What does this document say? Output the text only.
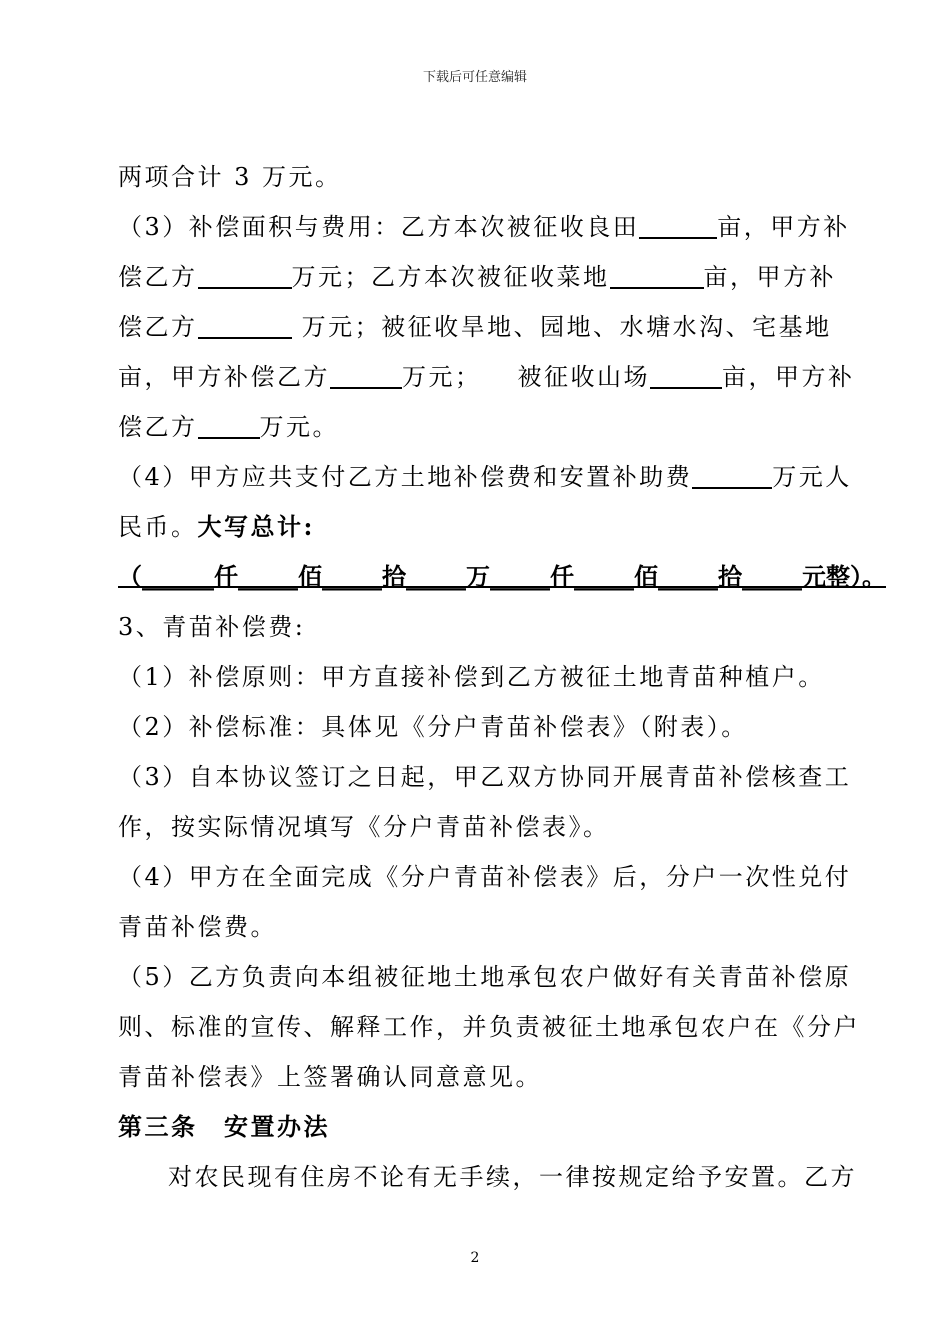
下载后可任意编辑
两项合计 3 万元。
（3）补偿面积与费用：乙方本次被征收良田	亩，甲方补
偿乙方	万元；乙方本次被征收菜地	亩，甲方补
偿乙方	万元；被征收旱地、园地、水塘水沟、宅基地
亩，甲方补偿乙方	万元； 被征收山场	亩，甲方补
偿乙方	万元。
（4）甲方应共支付乙方土地补偿费和安置补助费	万元人
民币。大写总计:
（______仟_____佰_____拾_____万_____仟_____佰_____拾_____元整）。
3、青苗补偿费:
（1）补偿原则：甲方直接补偿到乙方被征土地青苗种植户。
（2）补偿标准：具体见《分户青苗补偿表》（附表）。
（3）自本协议签订之日起，甲乙双方协同开展青苗补偿核查工
作，按实际情况填写《分户青苗补偿表》。
（4）甲方在全面完成《分户青苗补偿表》后，分户一次性兑付
青苗补偿费。
（5）乙方负责向本组被征地土地承包农户做好有关青苗补偿原
则、标准的宣传、解释工作，并负责被征土地承包农户在《分户
青苗补偿表》上签署确认同意意见。
第三条　安置办法
对农民现有住房不论有无手续，一律按规定给予安置。乙方
2
